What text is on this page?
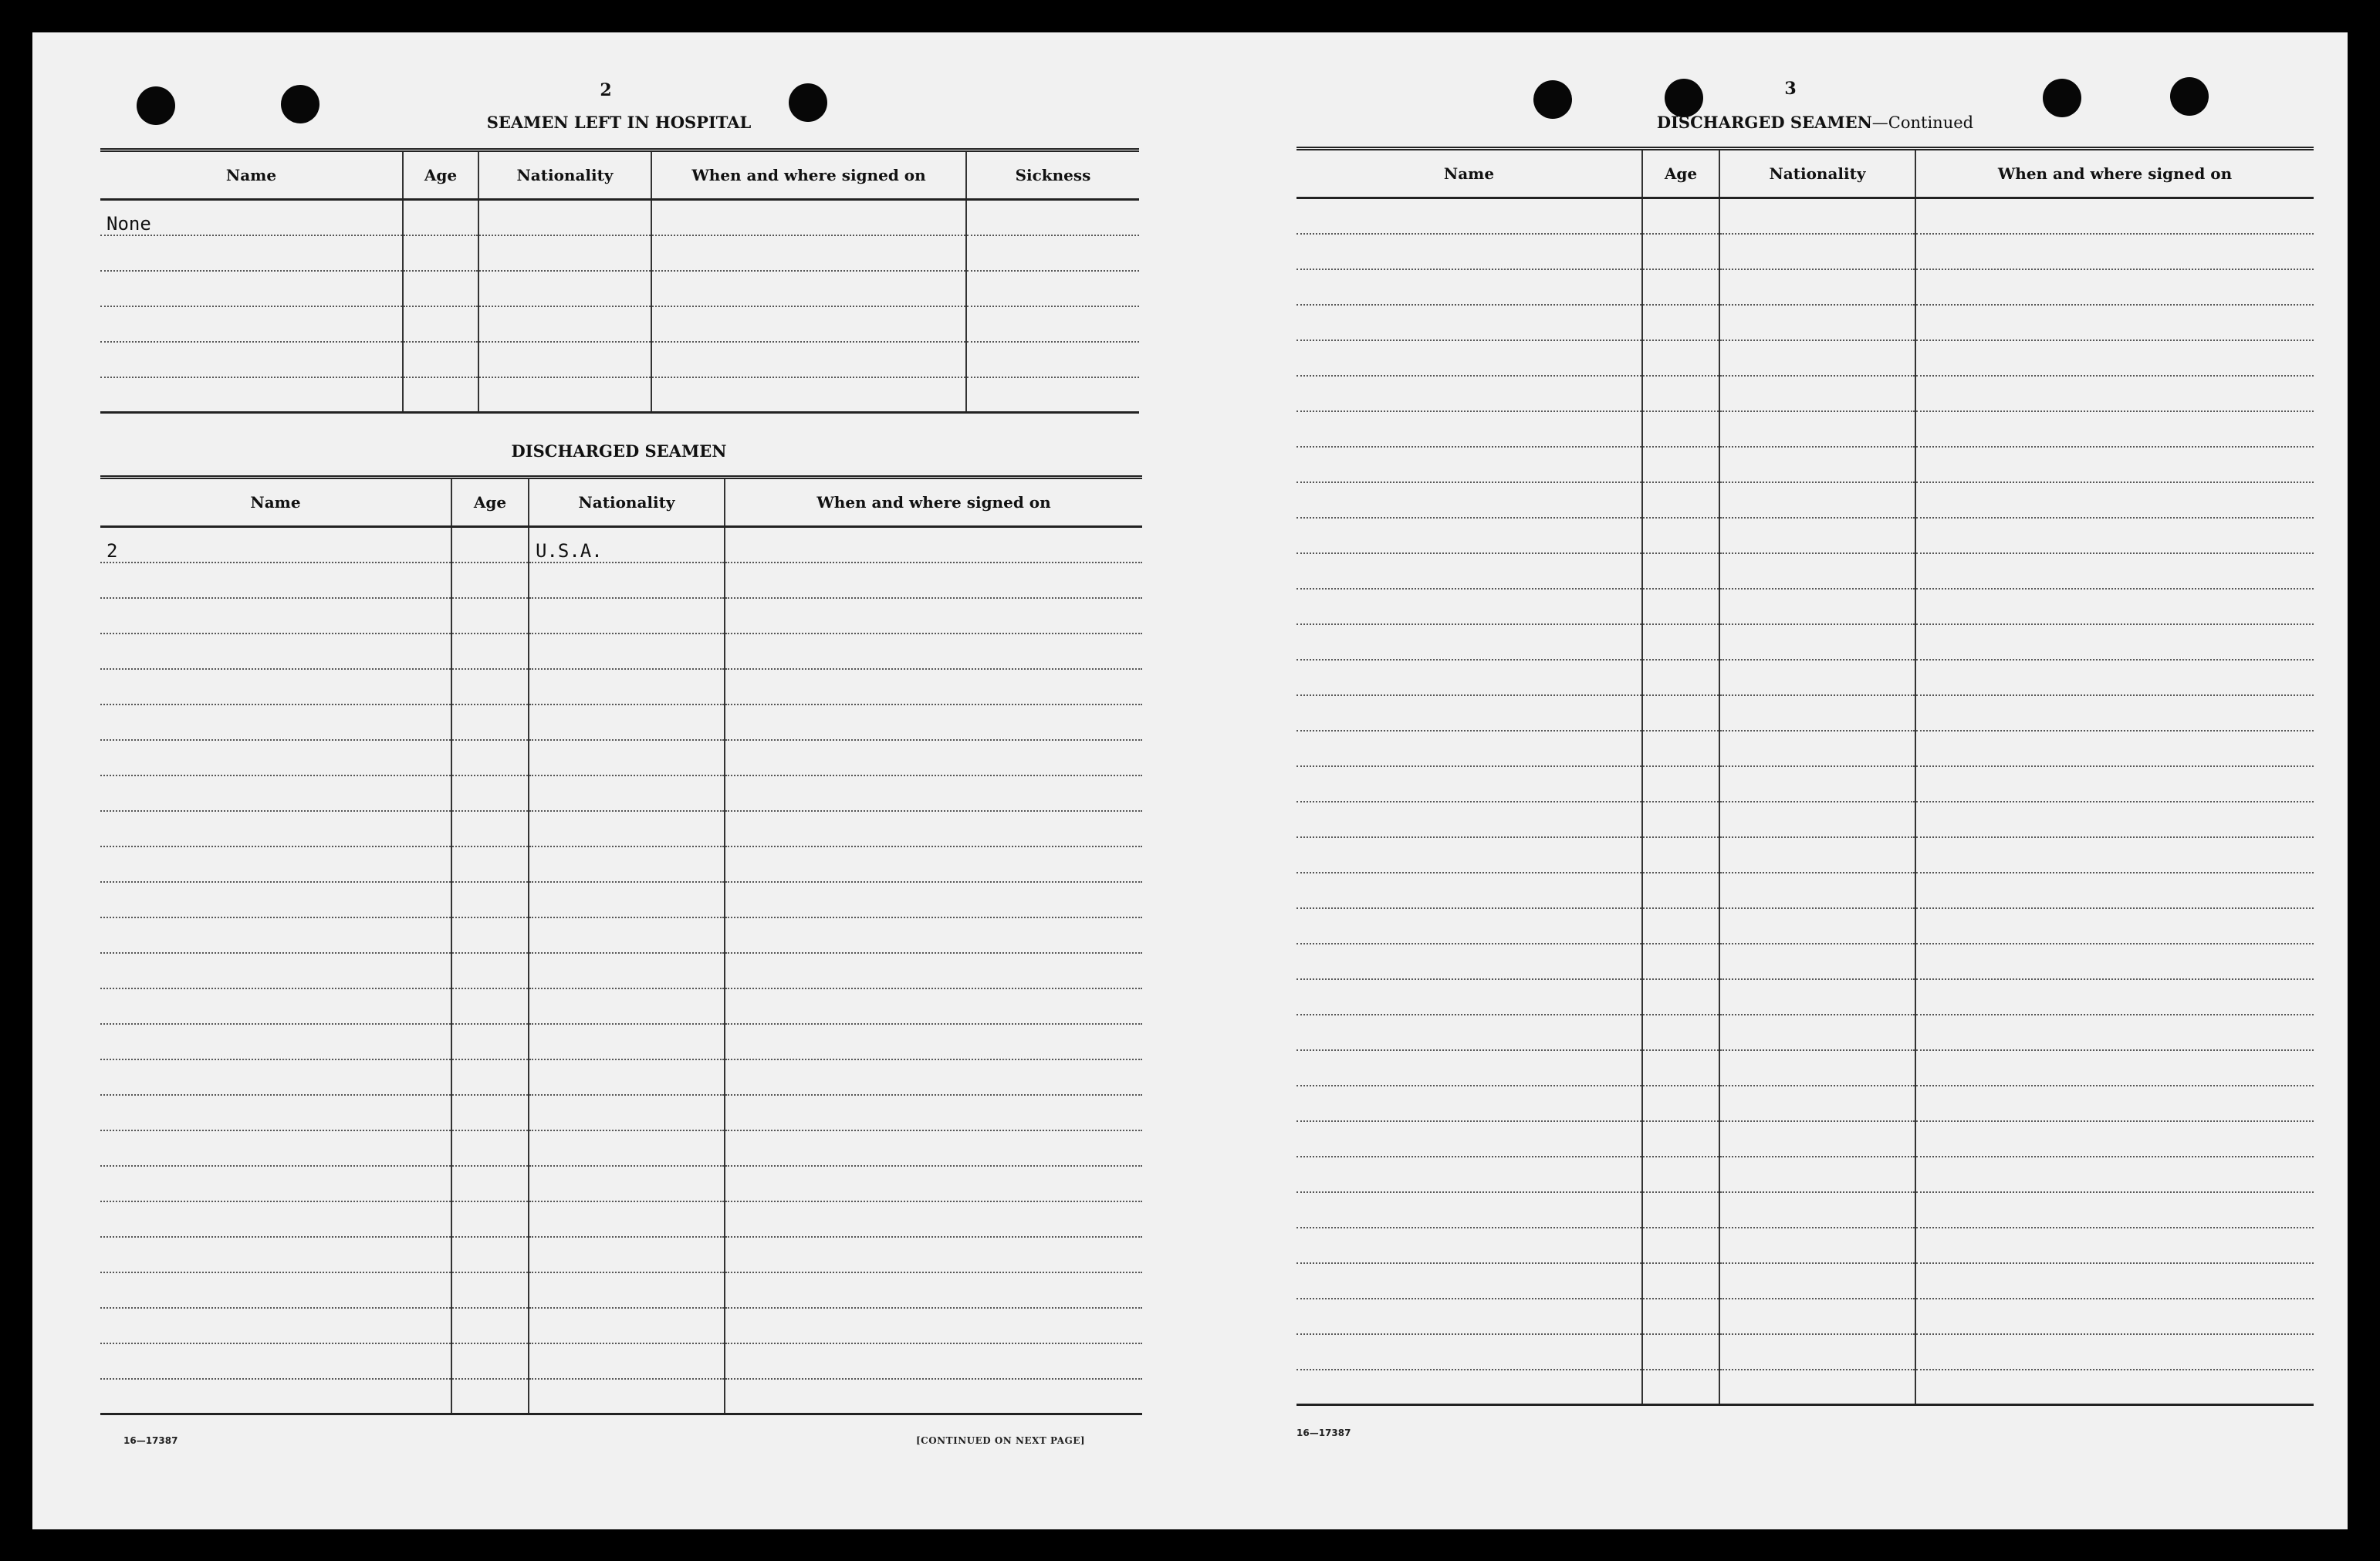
2
SEAMEN LEFT IN HOSPITAL
Name	Age	Nationality	When and where signed on	Sickness
None				

DISCHARGED SEAMEN
Name	Age	Nationality	When and where signed on
2		U.S.A.	

16—17387	[CONTINUED ON NEXT PAGE]
3
DISCHARGED SEAMEN—Continued
Name	Age	Nationality	When and where signed on

16—17387
